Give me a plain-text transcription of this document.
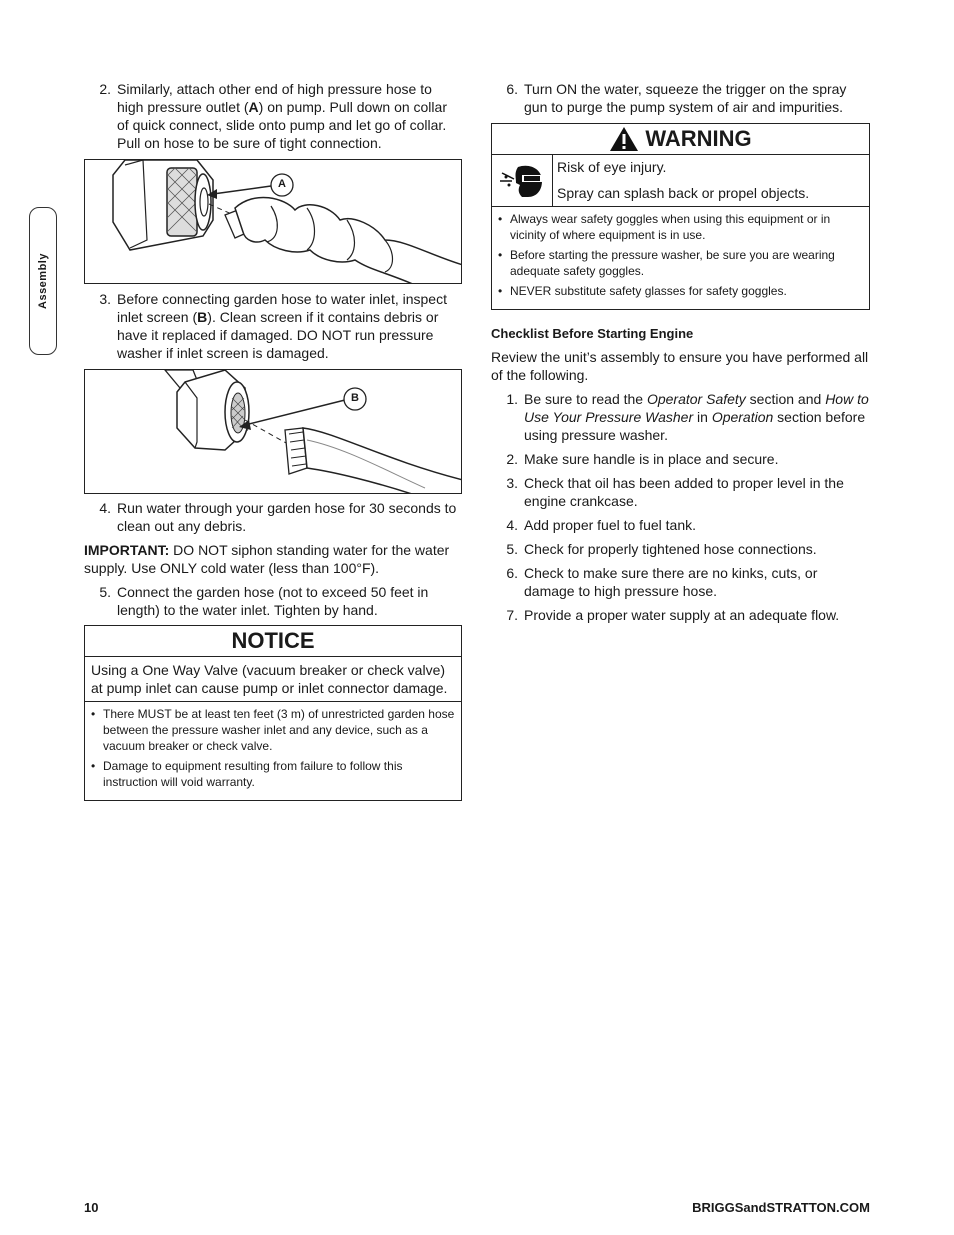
Assembly
2. Similarly, attach other end of high pressure hose to high pressure outlet (A) on pump. Pull down on collar of quick connect, slide onto pump and let go of collar. Pull on hose to be sure of tight connection.
A
3. Before connecting garden hose to water inlet, inspect inlet screen (B). Clean screen if it contains debris or have it replaced if damaged. DO NOT run pressure washer if inlet screen is damaged.
B
4. Run water through your garden hose for 30 seconds to clean out any debris.

IMPORTANT: DO NOT siphon standing water for the water supply. Use ONLY cold water (less than 100°F).

5. Connect the garden hose (not to exceed 50 feet in length) to the water inlet. Tighten by hand.
NOTICE
Using a One Way Valve (vacuum breaker or check valve) at pump inlet can cause pump or inlet connector damage.
• There MUST be at least ten feet (3 m) of unrestricted garden hose between the pressure washer inlet and any device, such as a vacuum breaker or check valve.
• Damage to equipment resulting from failure to follow this instruction will void warranty.
6. Turn ON the water, squeeze the trigger on the spray gun to purge the pump system of air and impurities.
WARNING
Risk of eye injury.
Spray can splash back or propel objects.
• Always wear safety goggles when using this equipment or in vicinity of where equipment is in use.
• Before starting the pressure washer, be sure you are wearing adequate safety goggles.
• NEVER substitute safety glasses for safety goggles.
Checklist Before Starting Engine

Review the unit’s assembly to ensure you have performed all of the following.

1. Be sure to read the Operator Safety section and How to Use Your Pressure Washer in Operation section before using pressure washer.
2. Make sure handle is in place and secure.
3. Check that oil has been added to proper level in the engine crankcase.
4. Add proper fuel to fuel tank.
5. Check for properly tightened hose connections.
6. Check to make sure there are no kinks, cuts, or damage to high pressure hose.
7. Provide a proper water supply at an adequate flow.
10	BRIGGSandSTRATTON.COM
